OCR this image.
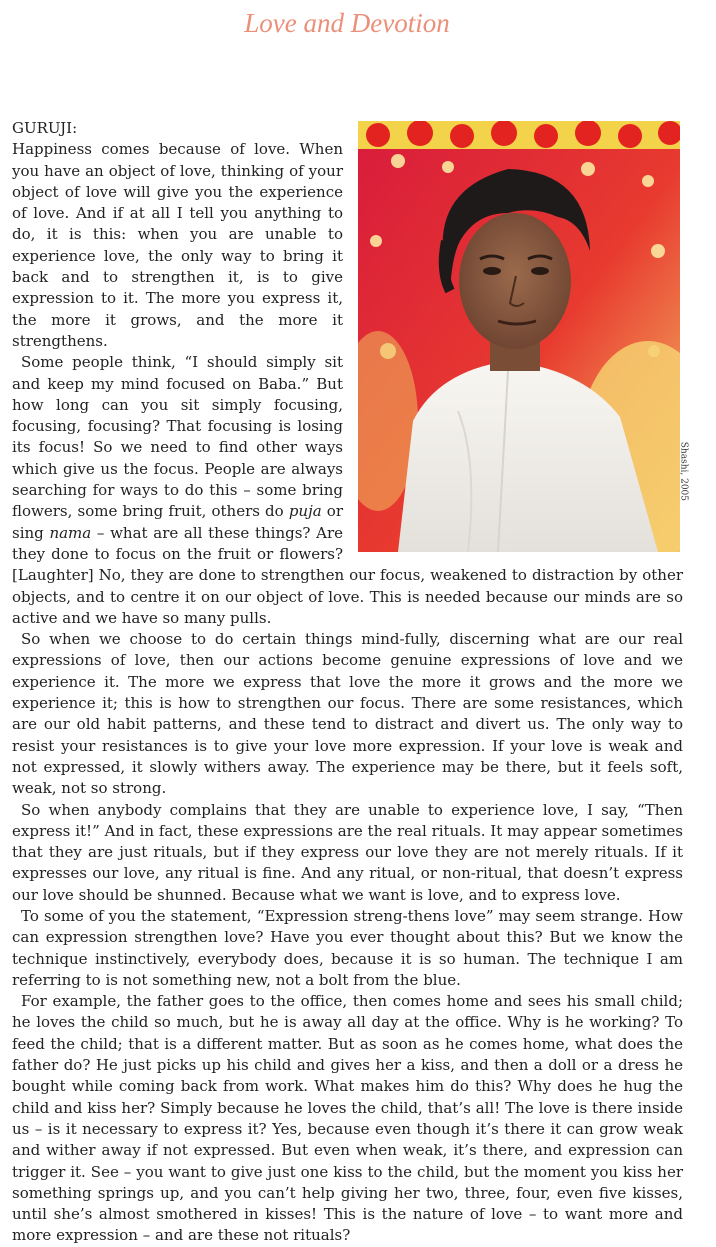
Love and Devotion
Shashi, 2005

GURUJI:

Happiness comes because of love. When you have an object of love, thinking of your object of love will give you the experience of love. And if at all I tell you anything to do, it is this: when you are unable to experience love, the only way to bring it back and to strengthen it, is to give expression to it. The more you express it, the more it grows, and the more it strengthens.

Some people think, “I should simply sit and keep my mind focused on Baba.” But how long can you sit simply focusing, focusing, focusing? That focusing is losing its focus! So we need to find other ways which give us the focus. People are always searching for ways to do this – some bring flowers, some bring fruit, others do puja or sing nama – what are all these things? Are they done to focus on the fruit or flowers? [Laughter] No, they are done to strengthen our focus, weakened to distraction by other objects, and to centre it on our object of love. This is needed because our minds are so active and we have so many pulls.

So when we choose to do certain things mind-fully, discerning what are our real expressions of love, then our actions become genuine expressions of love and we experience it. The more we express that love the more it grows and the more we experience it; this is how to strengthen our focus. There are some resistances, which are our old habit patterns, and these tend to distract and divert us. The only way to resist your resistances is to give your love more expression. If your love is weak and not expressed, it slowly withers away. The experience may be there, but it feels soft, weak, not so strong.

So when anybody complains that they are unable to experience love, I say, “Then express it!” And in fact, these expressions are the real rituals. It may appear sometimes that they are just rituals, but if they express our love they are not merely rituals. If it expresses our love, any ritual is fine. And any ritual, or non-ritual, that doesn’t express our love should be shunned. Because what we want is love, and to express love.

To some of you the statement, “Expression streng-thens love” may seem strange. How can expression strengthen love? Have you ever thought about this? But we know the technique instinctively, everybody does, because it is so human. The technique I am referring to is not something new, not a bolt from the blue.

For example, the father goes to the office, then comes home and sees his small child; he loves the child so much, but he is away all day at the office. Why is he working? To feed the child; that is a different matter. But as soon as he comes home, what does the father do? He just picks up his child and gives her a kiss, and then a doll or a dress he bought while coming back from work. What makes him do this? Why does he hug the child and kiss her? Simply because he loves the child, that’s all! The love is there inside us – is it necessary to express it? Yes, because even though it’s there it can grow weak and wither away if not expressed. But even when weak, it’s there, and expression can trigger it. See – you want to give just one kiss to the child, but the moment you kiss her something springs up, and you can’t help giving her two, three, four, even five kisses, until she’s almost smothered in kisses! This is the nature of love – to want more and more expression – and are these not rituals?
